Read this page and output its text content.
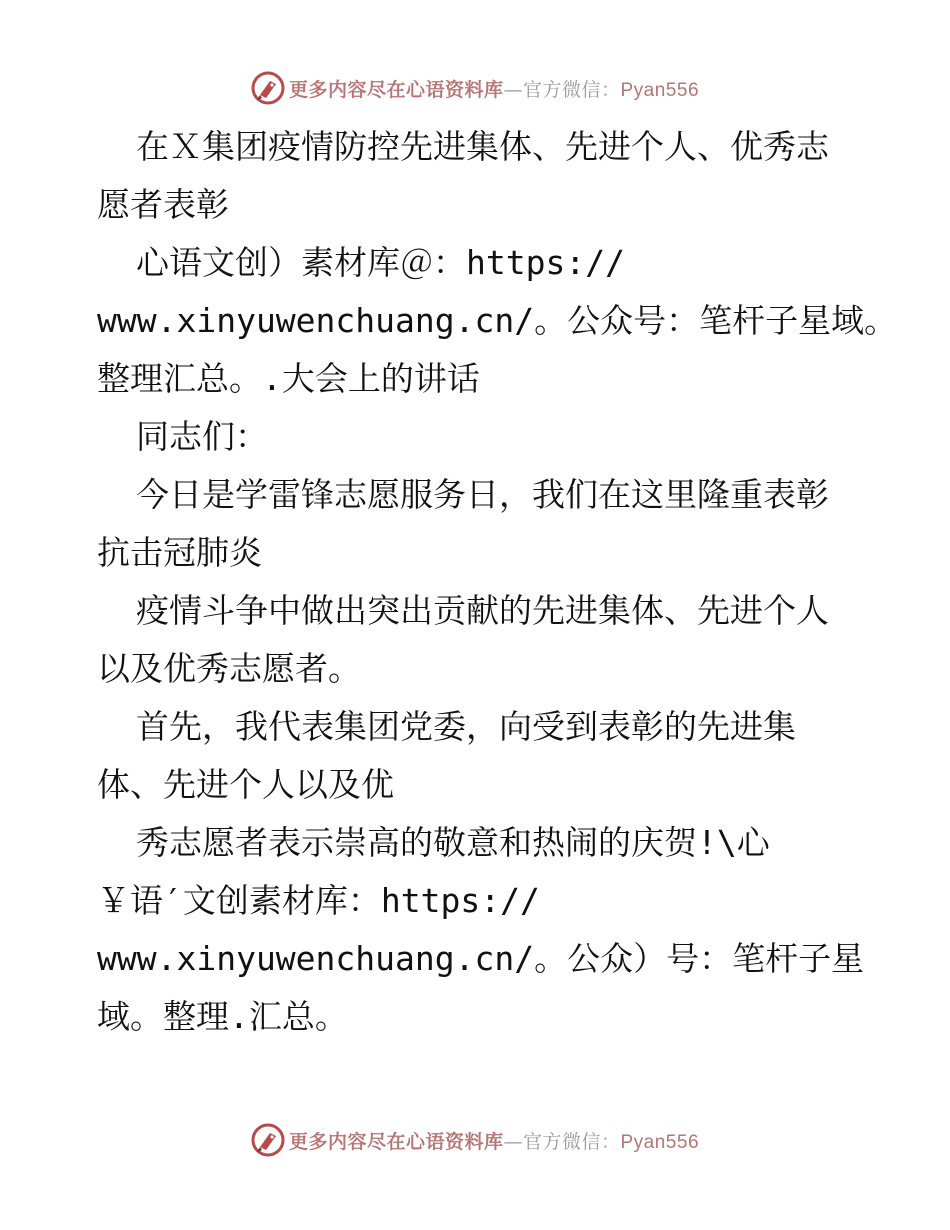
更多内容尽在心语资料库—官方微信：Pyan556
在Ｘ集团疫情防控先进集体、先进个人、优秀志
愿者表彰
心语文创）素材库＠：https://
www.xinyuwenchuang.cn/。公众号：笔杆子星域。
整理汇总。.大会上的讲话
同志们：
今日是学雷锋志愿服务日，我们在这里隆重表彰
抗击冠肺炎
疫情斗争中做出突出贡献的先进集体、先进个人
以及优秀志愿者。
首先，我代表集团党委，向受到表彰的先进集
体、先进个人以及优
秀志愿者表示崇高的敬意和热闹的庆贺!\心
￥语′文创素材库：https://
www.xinyuwenchuang.cn/。公众）号：笔杆子星
域。整理.汇总。
更多内容尽在心语资料库—官方微信：Pyan556
